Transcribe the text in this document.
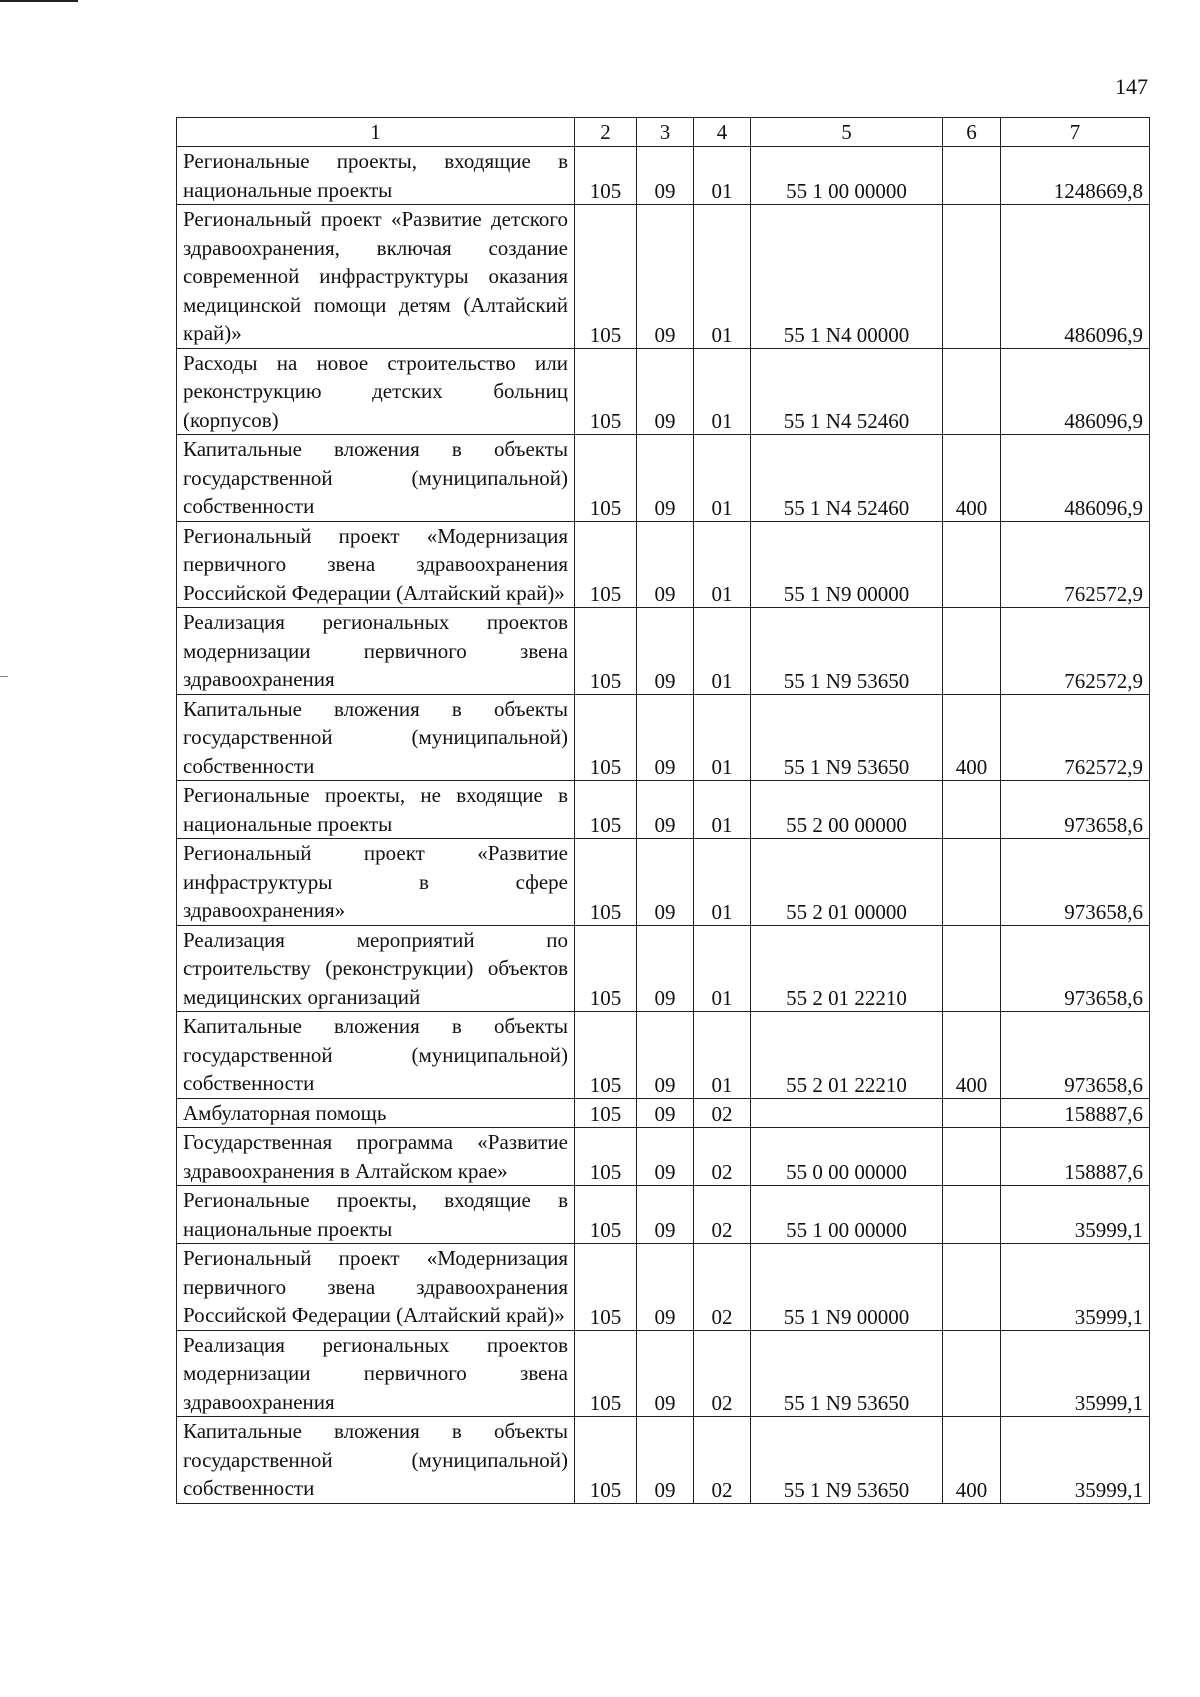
147
1	2	3	4	5	6	7
Региональные проекты, входящие в национальные проекты	105	09	01	55 1 00 00000		1248669,8
Региональный проект «Развитие детского здравоохранения, включая создание современной инфраструктуры оказания медицинской помощи детям (Алтайский край)»	105	09	01	55 1 N4 00000		486096,9
Расходы на новое строительство или реконструкцию детских больниц (корпусов)	105	09	01	55 1 N4 52460		486096,9
Капитальные вложения в объекты государственной (муниципальной) собственности	105	09	01	55 1 N4 52460	400	486096,9
Региональный проект «Модернизация первичного звена здравоохранения Российской Федерации (Алтайский край)»	105	09	01	55 1 N9 00000		762572,9
Реализация региональных проектов модернизации первичного звена здравоохранения	105	09	01	55 1 N9 53650		762572,9
Капитальные вложения в объекты государственной (муниципальной) собственности	105	09	01	55 1 N9 53650	400	762572,9
Региональные проекты, не входящие в национальные проекты	105	09	01	55 2 00 00000		973658,6
Региональный проект «Развитие инфраструктуры в сфере здравоохранения»	105	09	01	55 2 01 00000		973658,6
Реализация мероприятий по строительству (реконструкции) объектов медицинских организаций	105	09	01	55 2 01 22210		973658,6
Капитальные вложения в объекты государственной (муниципальной) собственности	105	09	01	55 2 01 22210	400	973658,6
Амбулаторная помощь	105	09	02			158887,6
Государственная программа «Развитие здравоохранения в Алтайском крае»	105	09	02	55 0 00 00000		158887,6
Региональные проекты, входящие в национальные проекты	105	09	02	55 1 00 00000		35999,1
Региональный проект «Модернизация первичного звена здравоохранения Российской Федерации (Алтайский край)»	105	09	02	55 1 N9 00000		35999,1
Реализация региональных проектов модернизации первичного звена здравоохранения	105	09	02	55 1 N9 53650		35999,1
Капитальные вложения в объекты государственной (муниципальной) собственности	105	09	02	55 1 N9 53650	400	35999,1
